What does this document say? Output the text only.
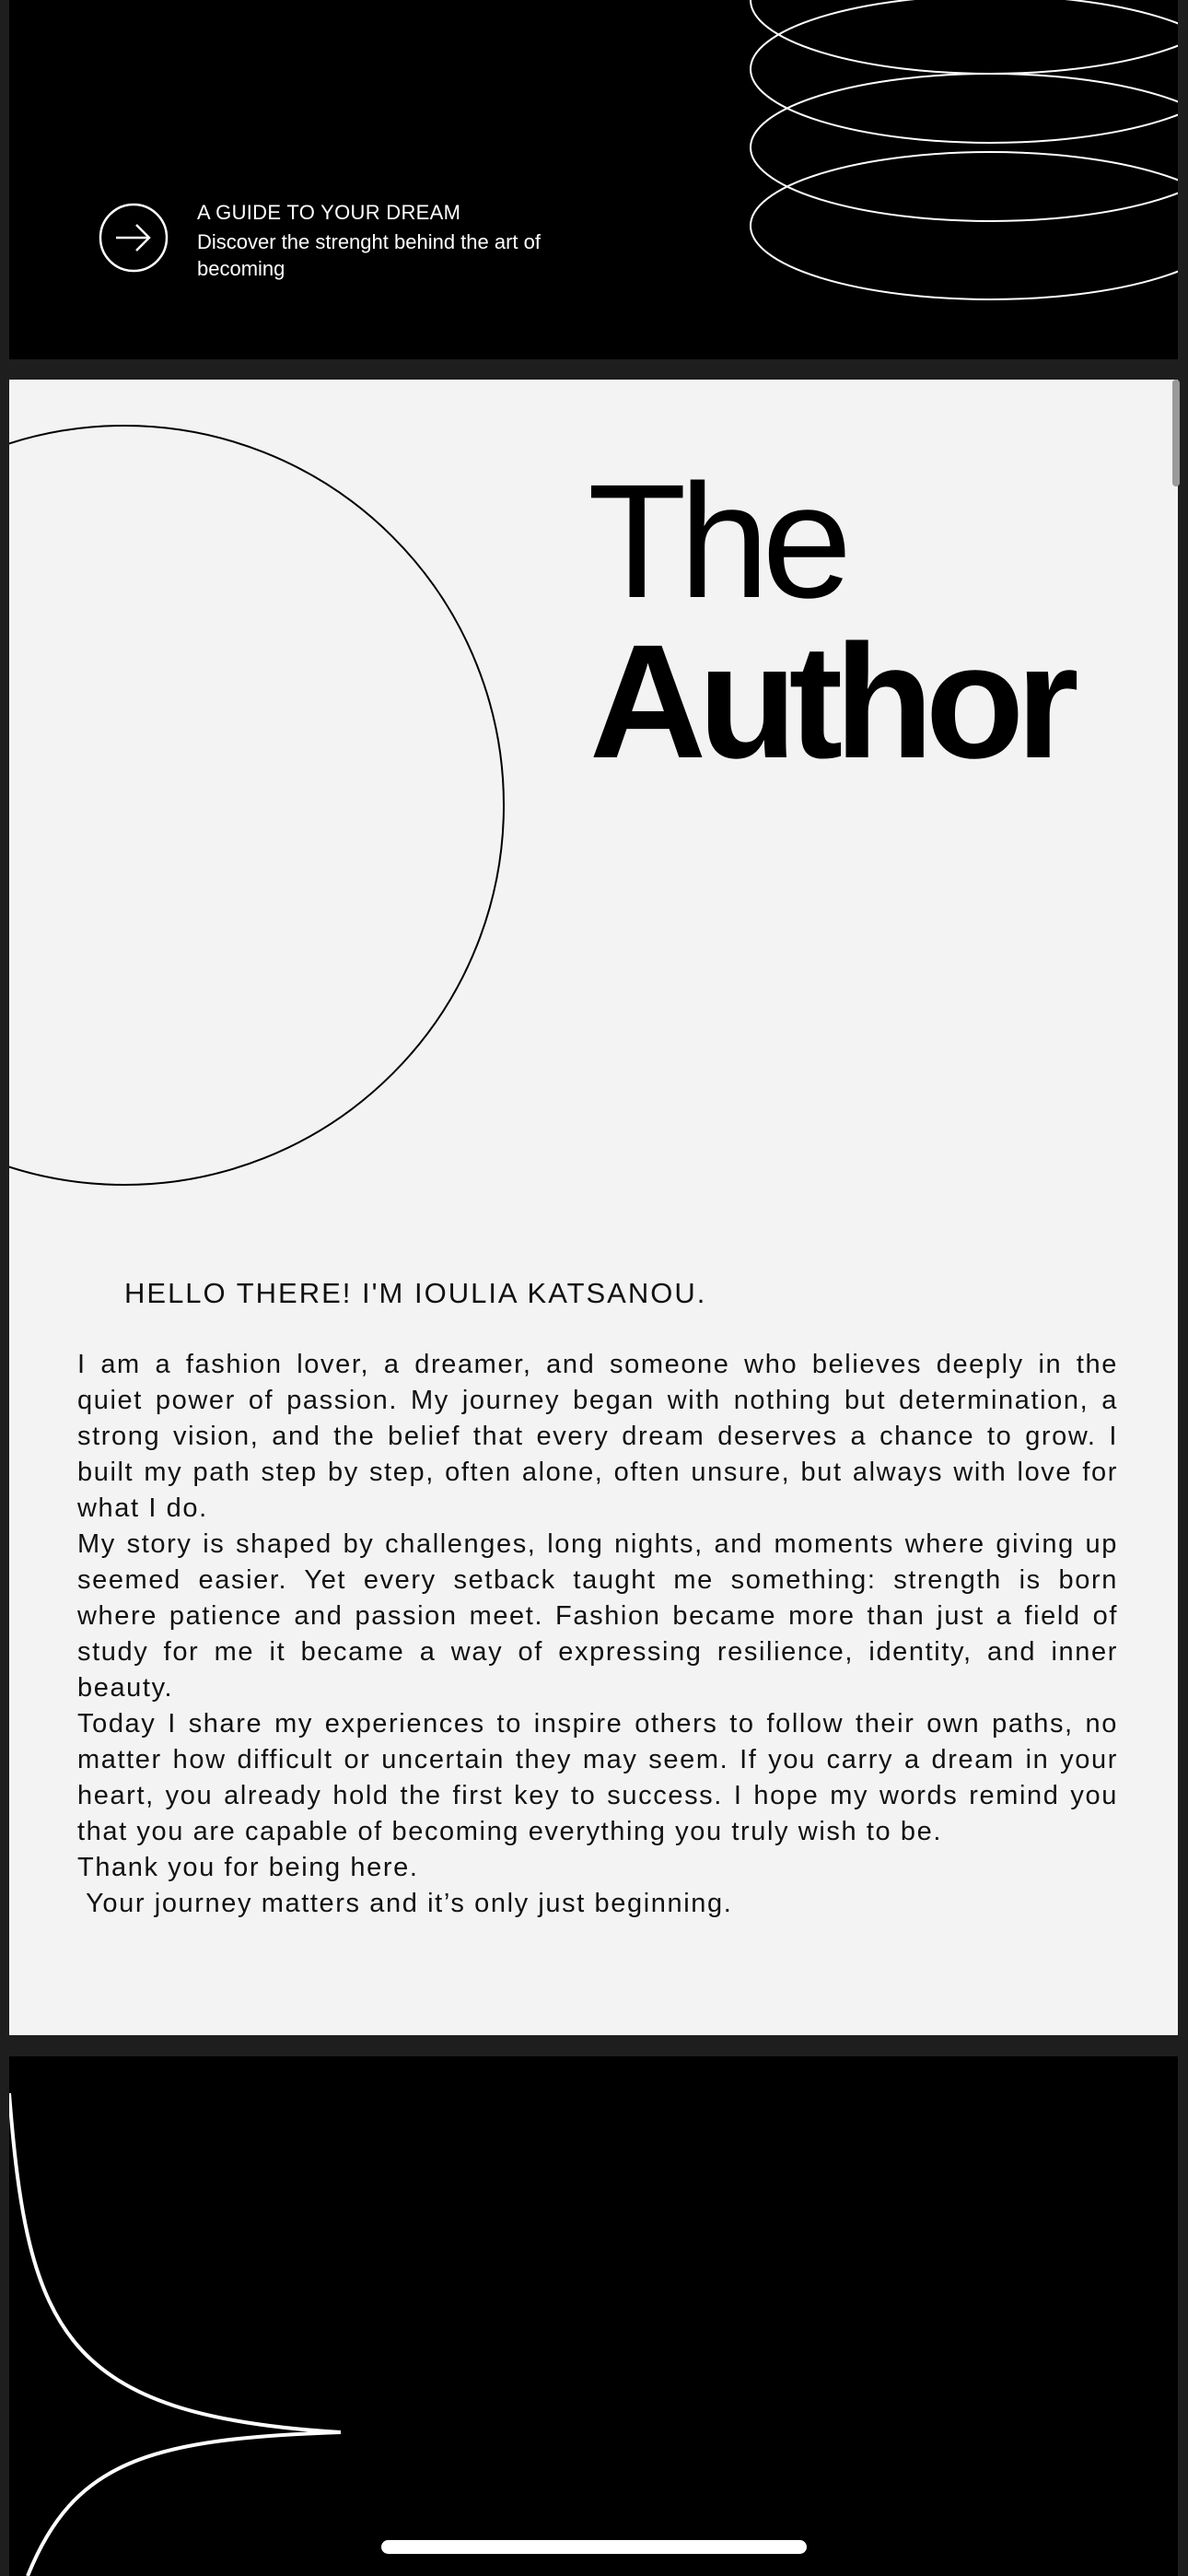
A GUIDE TO YOUR DREAM
Discover the strenght behind the art of becoming
The
Author
HELLO THERE! I'M IOULIA KATSANOU.

I am a fashion lover, a dreamer, and someone who believes deeply in the quiet power of passion. My journey began with nothing but determination, a strong vision, and the belief that every dream deserves a chance to grow. I built my path step by step, often alone, often unsure, but always with love for what I do.

My story is shaped by challenges, long nights, and moments where giving up seemed easier. Yet every setback taught me something: strength is born where patience and passion meet. Fashion became more than just a field of study for me it became a way of expressing resilience, identity, and inner beauty.

Today I share my experiences to inspire others to follow their own paths, no matter how difficult or uncertain they may seem. If you carry a dream in your heart, you already hold the first key to success. I hope my words remind you that you are capable of becoming everything you truly wish to be.

Thank you for being here.

Your journey matters and it’s only just beginning.
